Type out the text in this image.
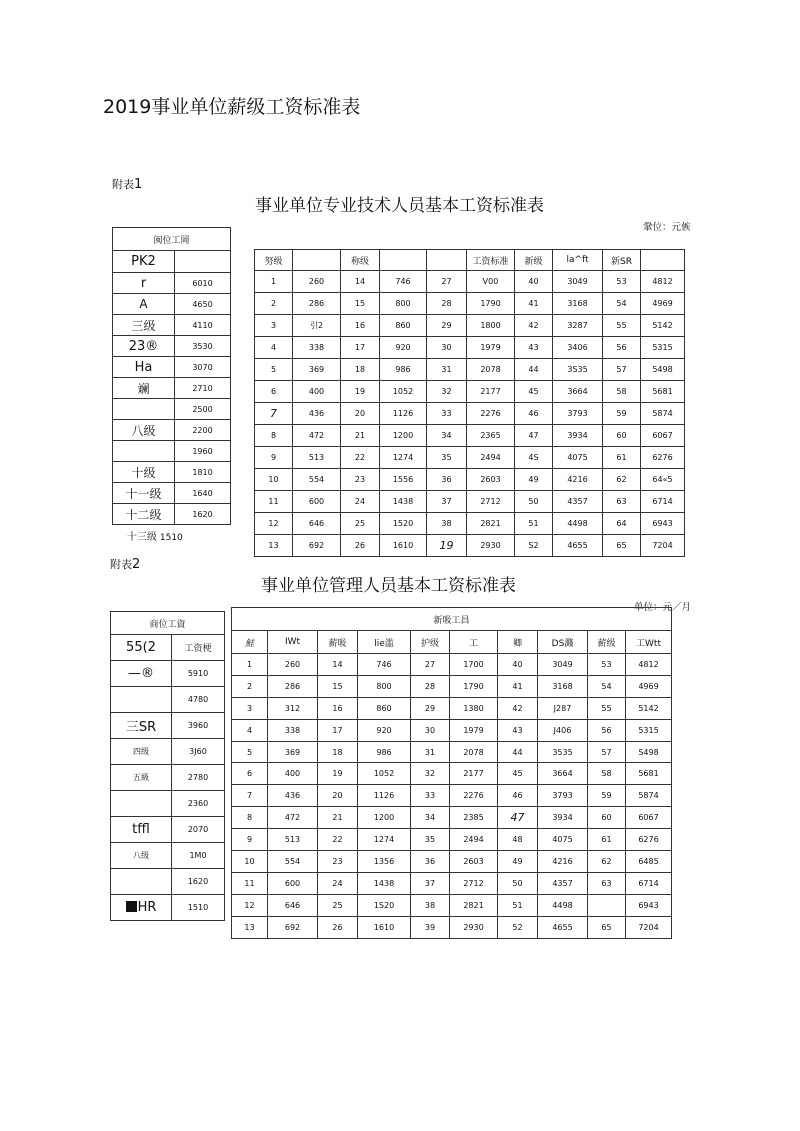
2019事业单位薪级工资标准表
附表1
事业单位专业技术人员基本工资标准表
鞏位：元㑵
闽位工岡	
PK2	
r	6010
A	4650
三级	4110
23®	3530
Ha	3070
斓	2710
	2500
八级	2200
	1960
十级	1810
十一级	1640
十二级	1620
努级		称级			工资标准	新级	la^ft	新SR	
1	260	14	746	27	V00	40	3049	53	4812
2	286	15	800	28	1790	41	3168	54	4969
3	引2	16	860	29	1800	42	3287	55	5142
4	338	17	920	30	1979	43	3406	56	5315
5	369	18	986	31	2078	44	3S35	57	5498
6	400	19	1052	32	2177	45	3664	58	5681
7	436	20	1126	33	2276	46	3793	59	5874
8	472	21	1200	34	2365	47	3934	60	6067
9	513	22	1274	35	2494	4S	4075	61	6276
10	554	23	1556	36	2603	49	4216	62	64«5
11	600	24	1438	37	2712	50	4357	63	6714
12	646	25	1520	38	2821	51	4498	64	6943
13	692	26	1610	19	2930	S2	4655	65	7204
十三级 1510
附表2
事业单位管理人员基本工资标准表
单位：元／月
商位工資	
55(2	工资梗
—®	5910
	4780
三SR	3960
四级	3J60
五級	2780
	2360
tffl	2070
八级	1M0
	1620
HR	1510
新吸工昌									
鮭	IWt	薪吸	lie滥	护级	工	卿	DS濺	薪级	工Wtt
1	260	14	746	27	1700	40	3049	53	4812
2	286	15	800	28	1790	41	3168	54	4969
3	312	16	860	29	1380	42	J287	55	5142
4	338	17	920	30	1979	43	J406	56	5315
5	369	18	986	31	2078	44	3535	57	S498
6	400	19	1052	32	2177	45	3664	S8	5681
7	436	20	1126	33	2276	46	3793	59	5874
8	472	21	1200	34	2385	47	3934	60	6067
9	513	22	1274	35	2494	48	4075	61	6276
10	554	23	1356	36	2603	49	4216	62	6485
11	600	24	1438	37	2712	50	4357	63	6714
12	646	25	1S20	38	2821	51	4498		6943
13	692	26	1610	39	2930	52	4655	65	7204
